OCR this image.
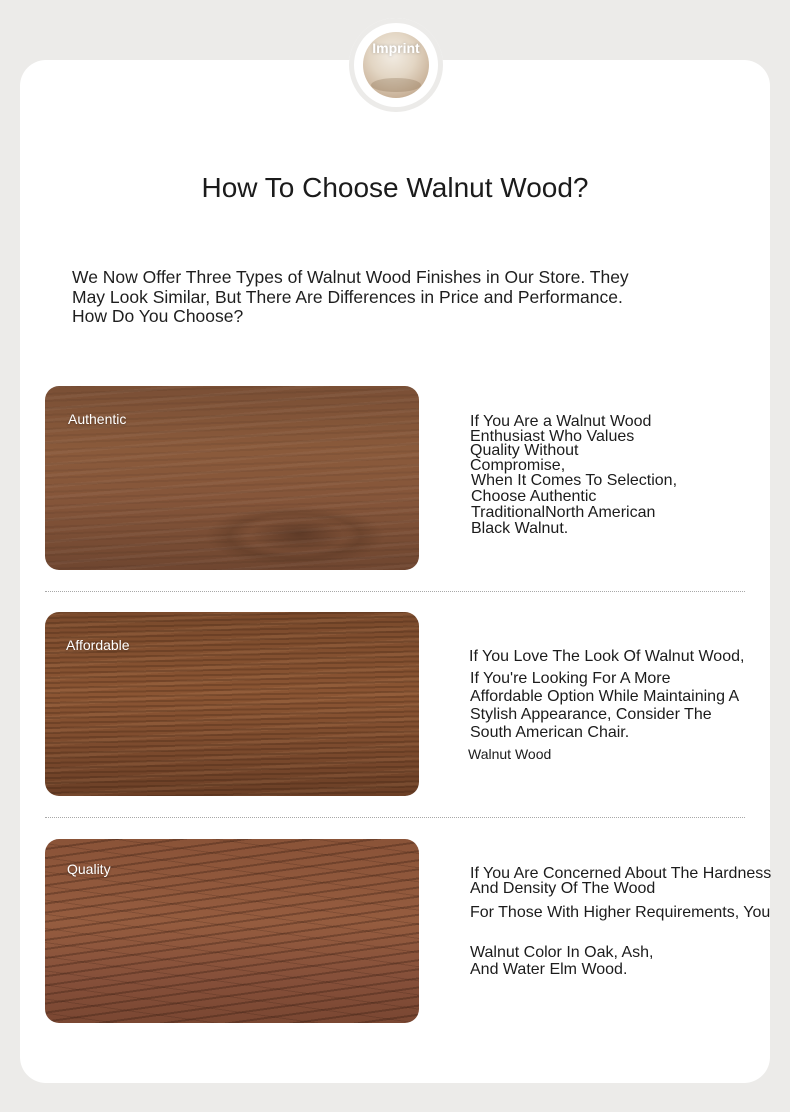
Imprint
How To Choose Walnut Wood?
We Now Offer Three Types of Walnut Wood Finishes in Our Store. They
May Look Similar, But There Are Differences in Price and Performance.
How Do You Choose?
Authentic	If You Are a Walnut Wood
Enthusiast Who Values
Quality Without
Compromise,
When It Comes To Selection,
Choose Authentic
TraditionalNorth American
Black Walnut.
Affordable
If You Love The Look Of Walnut Wood,
If You're Looking For A More
Affordable Option While Maintaining A
Stylish Appearance, Consider The
South American Chair.
Walnut Wood
Quality	If You Are Concerned About The Hardness
And Density Of The Wood
For Those With Higher Requirements, You
Walnut Color In Oak, Ash,
And Water Elm Wood.
